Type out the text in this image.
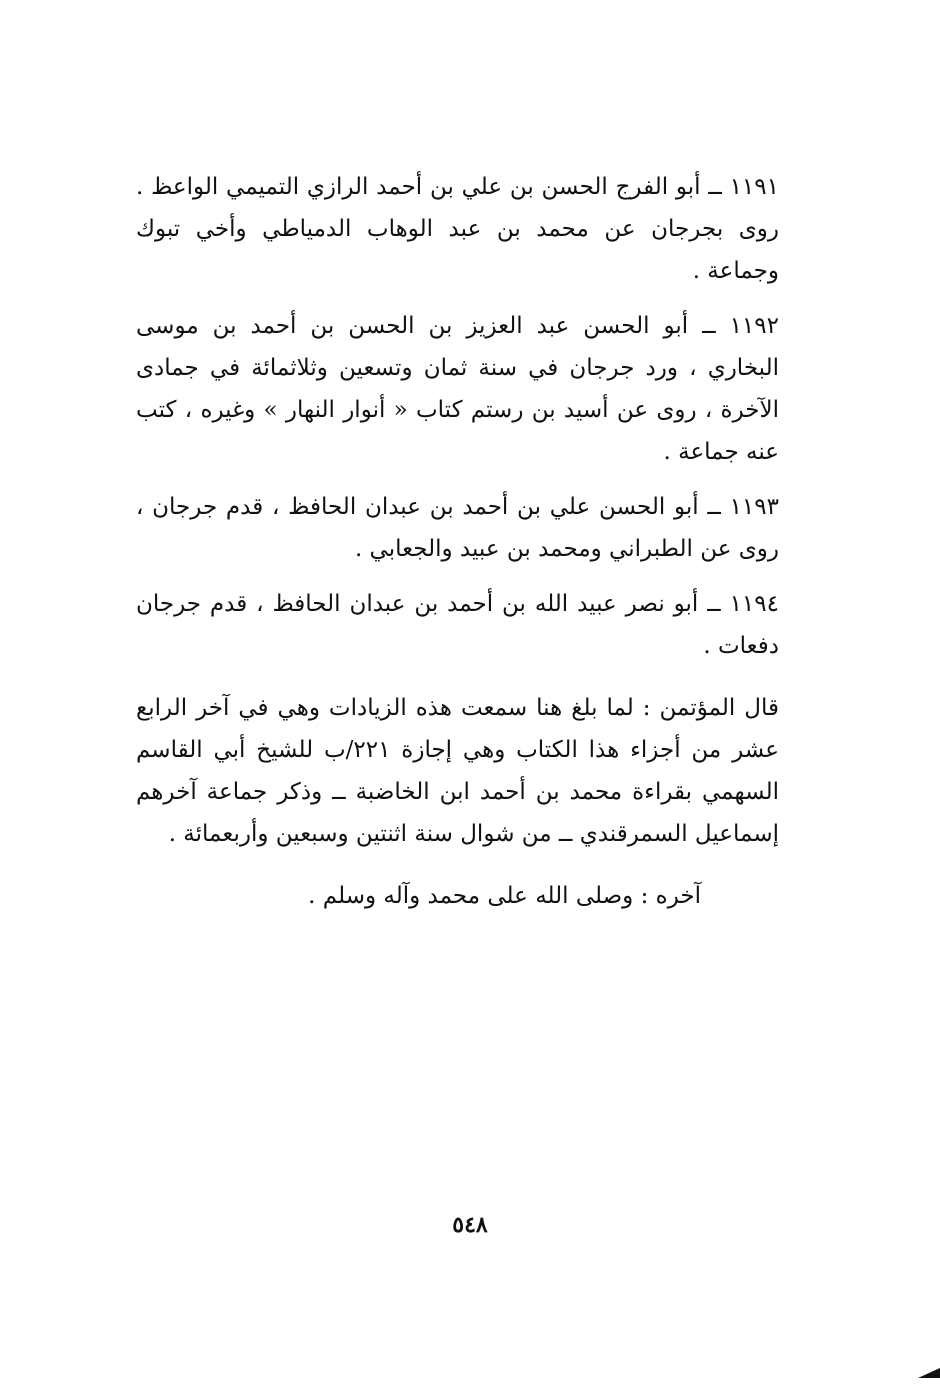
١١٩١ ــ أبو الفرج الحسن بن علي بن أحمد الرازي التميمي الواعظ . روى بجرجان عن محمد بن عبد الوهاب الدمياطي وأخي تبوك وجماعة .

١١٩٢ ــ أبو الحسن عبد العزيز بن الحسن بن أحمد بن موسى البخاري ، ورد جرجان في سنة ثمان وتسعين وثلاثمائة في جمادى الآخرة ، روى عن أسيد بن رستم كتاب « أنوار النهار » وغيره ، كتب عنه جماعة .

١١٩٣ ــ أبو الحسن علي بن أحمد بن عبدان الحافظ ، قدم جرجان ، روى عن الطبراني ومحمد بن عبيد والجعابي .

١١٩٤ ــ أبو نصر عبيد الله بن أحمد بن عبدان الحافظ ، قدم جرجان دفعات .

قال المؤتمن : لما بلغ هنا سمعت هذه الزيادات وهي في آخر الرابع عشر من أجزاء هذا الكتاب وهي إجازة ٢٢١/ب للشيخ أبي القاسم السهمي بقراءة محمد بن أحمد ابن الخاضبة ــ وذكر جماعة آخرهم إسماعيل السمرقندي ــ من شوال سنة اثنتين وسبعين وأربعمائة .

آخره : وصلى الله على محمد وآله وسلم .

٥٤٨
